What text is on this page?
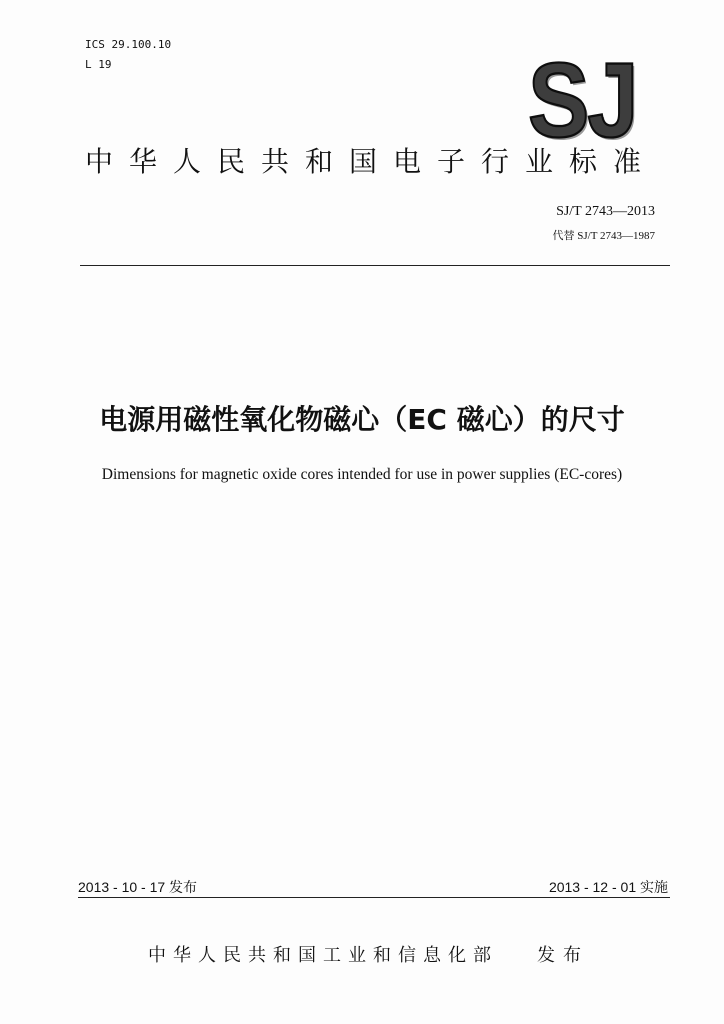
ICS 29.100.10
L 19	SJ
中华人民共和国电子行业标准
SJ/T 2743—2013
代替 SJ/T 2743—1987
电源用磁性氧化物磁心（EC 磁心）的尺寸
Dimensions for magnetic oxide cores intended for use in power supplies (EC-cores)
2013 - 10 - 17 发布	2013 - 12 - 01 实施
中华人民共和国工业和信息化部 发布
